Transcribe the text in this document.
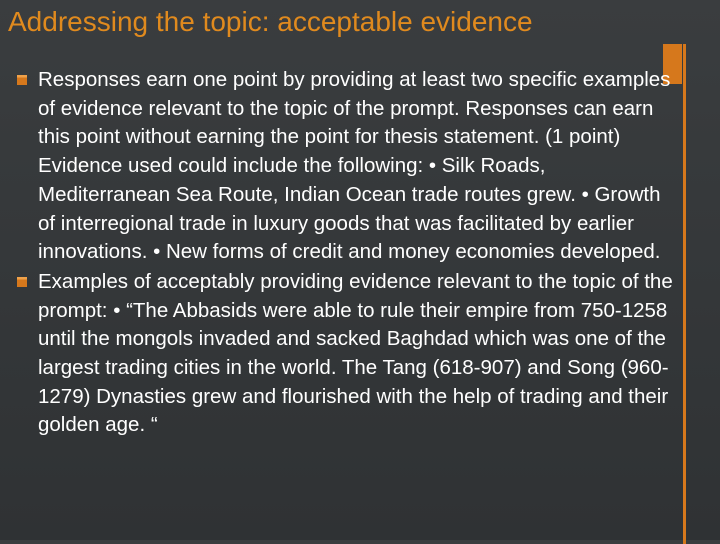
Addressing the topic: acceptable evidence
Responses earn one point by providing at least two specific examples of evidence relevant to the topic of the prompt. Responses can earn this point without earning the point for thesis statement. (1 point) Evidence used could include the following: • Silk Roads, Mediterranean Sea Route, Indian Ocean trade routes grew. • Growth of interregional trade in luxury goods that was facilitated by earlier innovations. • New forms of credit and money economies developed.
Examples of acceptably providing evidence relevant to the topic of the prompt: • “The Abbasids were able to rule their empire from 750-1258 until the mongols invaded and sacked Baghdad which was one of the largest trading cities in the world. The Tang (618-907) and Song (960- 1279) Dynasties grew and flourished with the help of trading and their golden age. “
